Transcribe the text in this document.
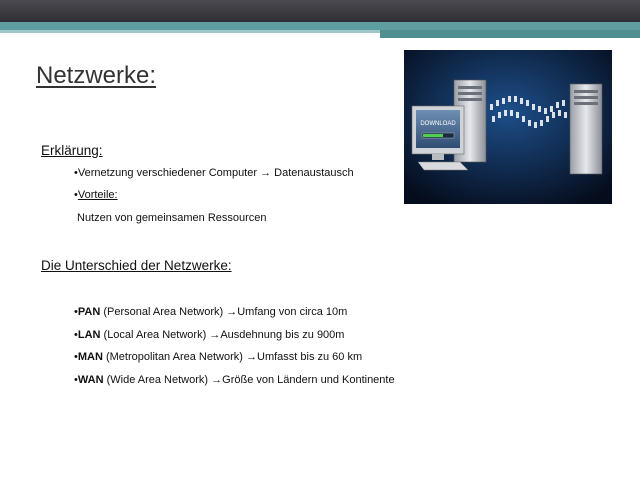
Netzwerke:

Erklärung:

•Vernetzung verschiedener Computer → Datenaustausch
•Vorteile:
Nutzen von gemeinsamen Ressourcen

Die Unterschied der Netzwerke:

•PAN (Personal Area Network) →Umfang von circa 10m
•LAN (Local Area Network) →Ausdehnung bis zu 900m
•MAN (Metropolitan Area Network) →Umfasst bis zu 60 km
•WAN (Wide Area Network) →Größe von Ländern und Kontinente
DOWNLOAD
